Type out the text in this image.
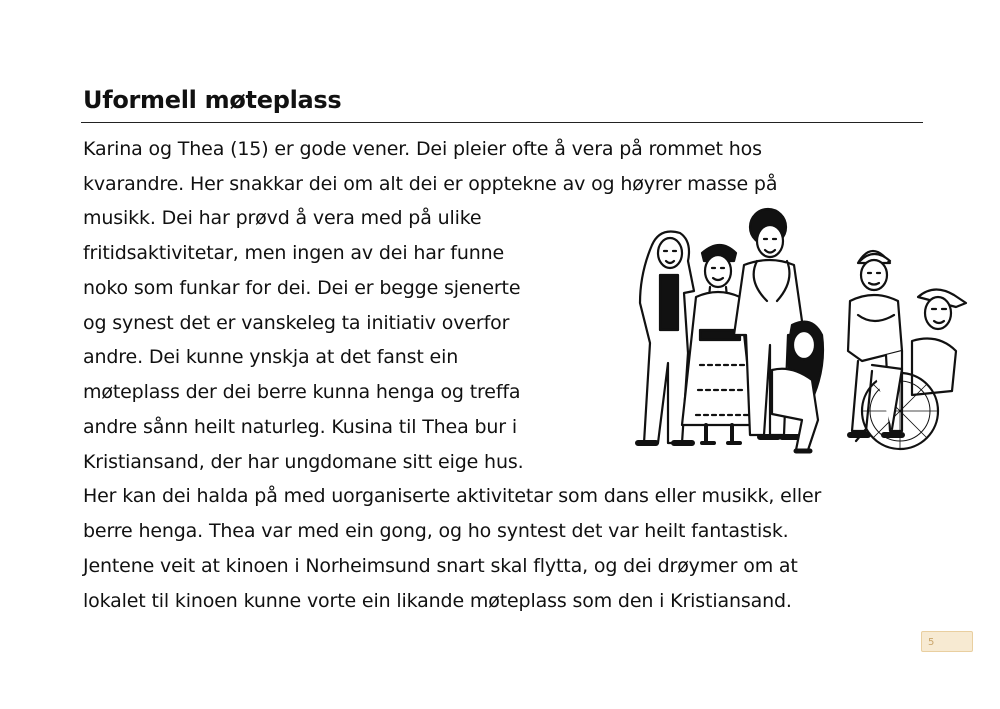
Uformell møteplass
Karina og Thea (15) er gode vener. Dei pleier ofte å vera på rommet hos
kvarandre. Her snakkar dei om alt dei er opptekne av og høyrer masse på
musikk. Dei har prøvd å vera med på ulike
fritidsaktivitetar, men ingen av dei har funne
noko som funkar for dei. Dei er begge sjenerte
og synest det er vanskeleg ta initiativ overfor
andre. Dei kunne ynskja at det fanst ein
møteplass der dei berre kunna henga og treffa
andre sånn heilt naturleg. Kusina til Thea bur i
Kristiansand, der har ungdomane sitt eige hus.
Her kan dei halda på med uorganiserte aktivitetar som dans eller musikk, eller
berre henga. Thea var med ein gong, og ho syntest det var heilt fantastisk.
Jentene veit at kinoen i Norheimsund snart skal flytta, og dei drøymer om at
lokalet til kinoen kunne vorte ein likande møteplass som den i Kristiansand.
5
